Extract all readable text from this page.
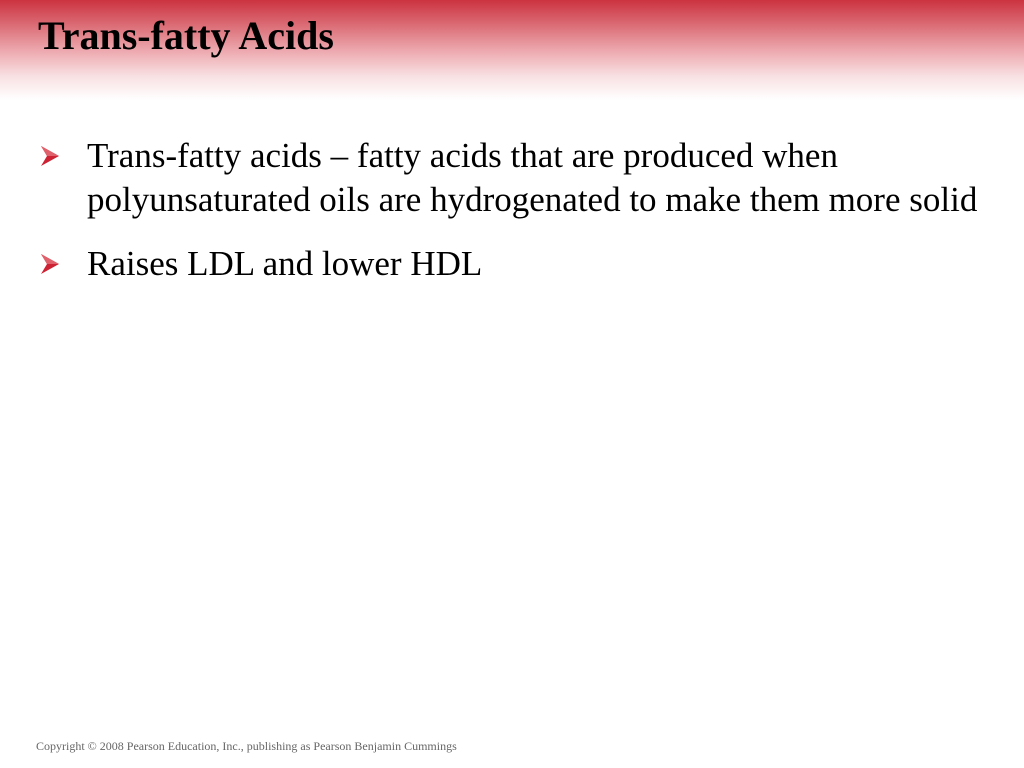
Trans-fatty Acids
Trans-fatty acids – fatty acids that are produced when polyunsaturated oils are hydrogenated to make them more solid
Raises LDL and lower HDL
Copyright © 2008 Pearson Education, Inc., publishing as Pearson Benjamin Cummings
